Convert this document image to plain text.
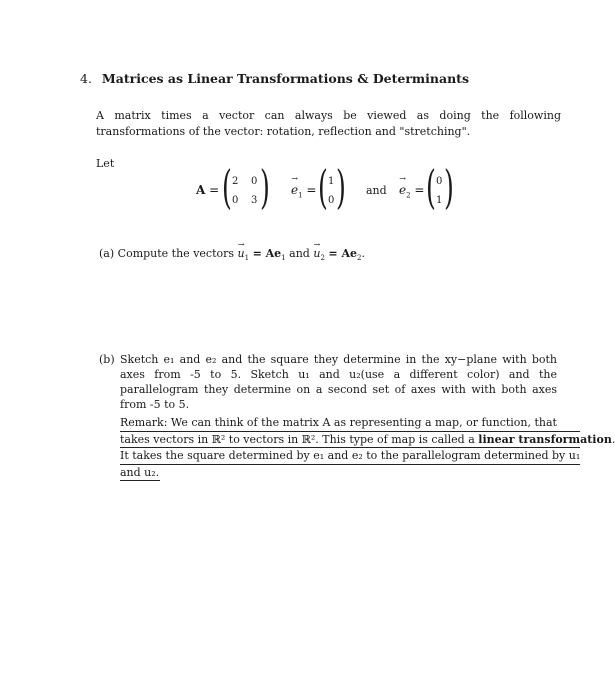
4. Matrices as Linear Transformations & Determinants
A matrix times a vector can always be viewed as doing the following transformations of the vector: rotation, reflection and "stretching".
Let
A = ( )
2 0
0 3
→ $e_1$ = ( )
1
0
and → $e_2$ = ( )
0
1
(a) Compute the vectors → $u_1 = Ae_1$ and → $u_2 = Ae_2$.
(b) Sketch e₁ and e₂ and the square they determine in the xy−plane with both axes from -5 to 5. Sketch u₁ and u₂(use a different color) and the parallelogram they determine on a second set of axes with with both axes from -5 to 5.
Remark: We can think of the matrix A as representing a map, or function, that
takes vectors in ℝ² to vectors in ℝ². This type of map is called a linear transformation.
It takes the square determined by e₁ and e₂ to the parallelogram determined by u₁
and u₂.
